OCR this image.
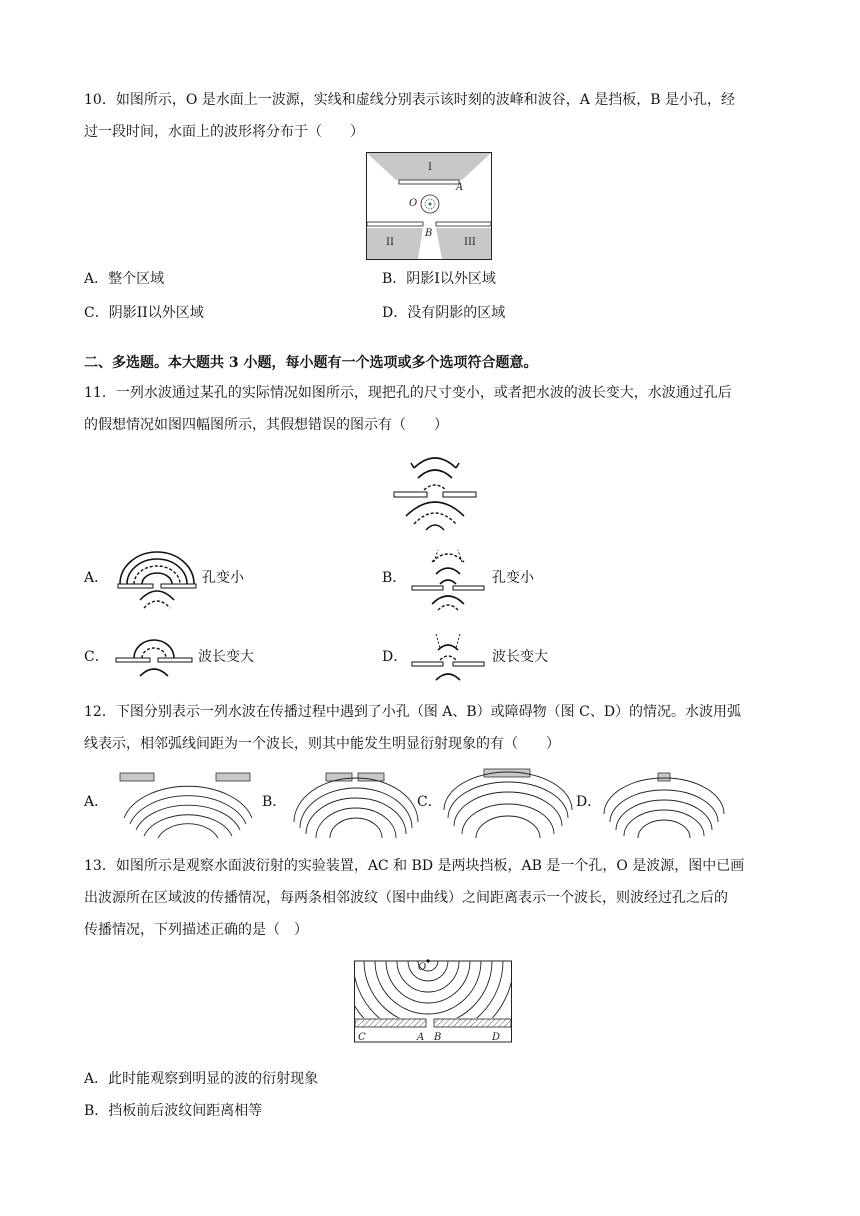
10．如图所示，O 是水面上一波源，实线和虚线分别表示该时刻的波峰和波谷，A 是挡板，B 是小孔，经
过一段时间，水面上的波形将分布于（　　）
I
A
O
B
II	III
A．整个区域	B．阴影I以外区域
C．阴影II以外区域	D．没有阴影的区域
二、多选题。本大题共 3 小题，每小题有一个选项或多个选项符合题意。
11．一列水波通过某孔的实际情况如图所示，现把孔的尺寸变小，或者把水波的波长变大，水波通过孔后
的假想情况如图四幅图所示，其假想错误的图示有（　　）
A．	孔变小	B．	孔变小
C．	波长变大	D．	波长变大
12．下图分别表示一列水波在传播过程中遇到了小孔（图 A、B）或障碍物（图 C、D）的情况。水波用弧
线表示，相邻弧线间距为一个波长，则其中能发生明显衍射现象的有（　　）
A．	B．	C．	D．
13．如图所示是观察水面波衍射的实验装置，AC 和 BD 是两块挡板，AB 是一个孔，O 是波源，图中已画
出波源所在区域波的传播情况，每两条相邻波纹（图中曲线）之间距离表示一个波长，则波经过孔之后的
传播情况，下列描述正确的是（　）
O
C	A B	D
A．此时能观察到明显的波的衍射现象
B．挡板前后波纹间距离相等
